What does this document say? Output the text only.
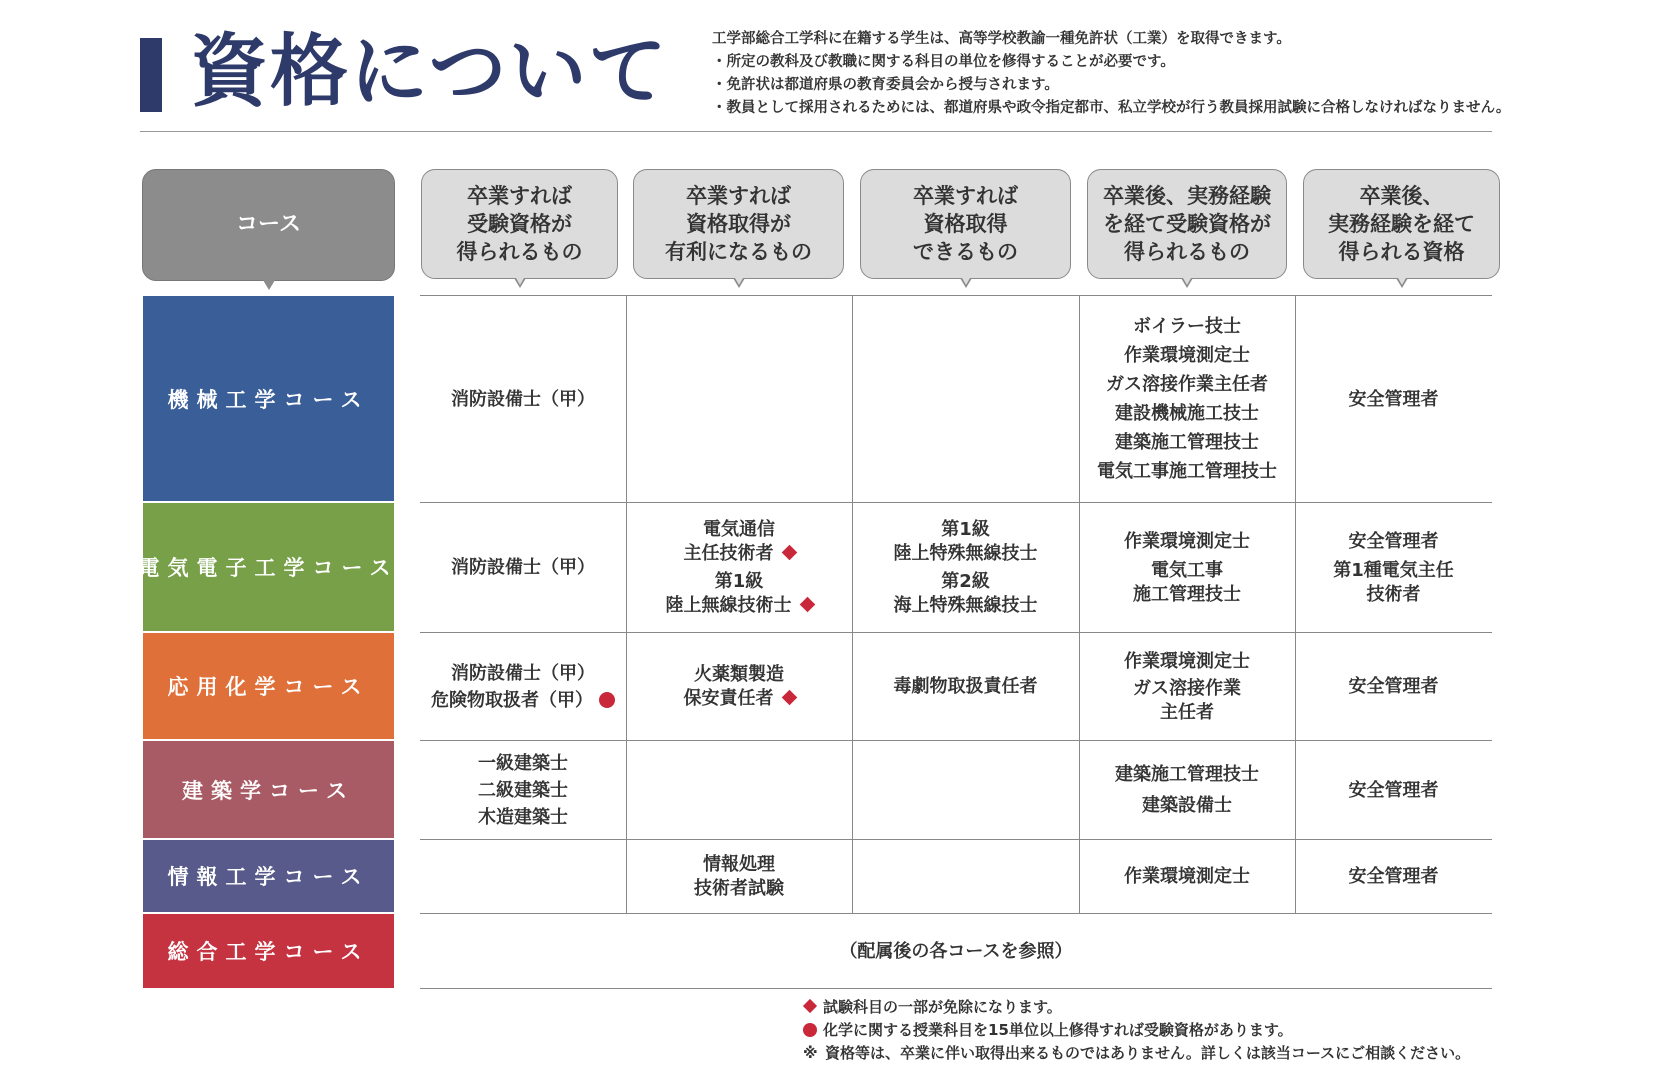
資格について	工学部総合工学科に在籍する学生は、高等学校教諭一種免許状（工業）を取得できます。
・所定の教科及び教職に関する科目の単位を修得することが必要です。
・免許状は都道府県の教育委員会から授与されます。
・教員として採用されるためには、都道府県や政令指定都市、私立学校が行う教員採用試験に合格しなければなりません。
コース
卒業すれば
受験資格が
得られるもの
卒業すれば
資格取得が
有利になるもの
卒業すれば
資格取得
できるもの
卒業後、実務経験
を経て受験資格が
得られるもの
卒業後、
実務経験を経て
得られる資格
機械工学コース
電気電子工学コース
応用化学コース
建築学コース
情報工学コース
総合工学コース
消防設備士（甲）
ボイラー技士
作業環境測定士
ガス溶接作業主任者
建設機械施工技士
建築施工管理技士
電気工事施工管理技士
安全管理者
消防設備士（甲）
電気通信
主任技術者
第1級
陸上無線技術士
第1級
陸上特殊無線技士
第2級
海上特殊無線技士
作業環境測定士
電気工事
施工管理技士
安全管理者
第1種電気主任
技術者
消防設備士（甲）
危険物取扱者（甲）
火薬類製造
保安責任者
毒劇物取扱責任者
作業環境測定士
ガス溶接作業
主任者
安全管理者
一級建築士
二級建築士
木造建築士
建築施工管理技士
建築設備士
安全管理者
情報処理
技術者試験
作業環境測定士	安全管理者
（配属後の各コースを参照）
試験科目の一部が免除になります。
化学に関する授業科目を15単位以上修得すれば受験資格があります。
※ 資格等は、卒業に伴い取得出来るものではありません。詳しくは該当コースにご相談ください。
